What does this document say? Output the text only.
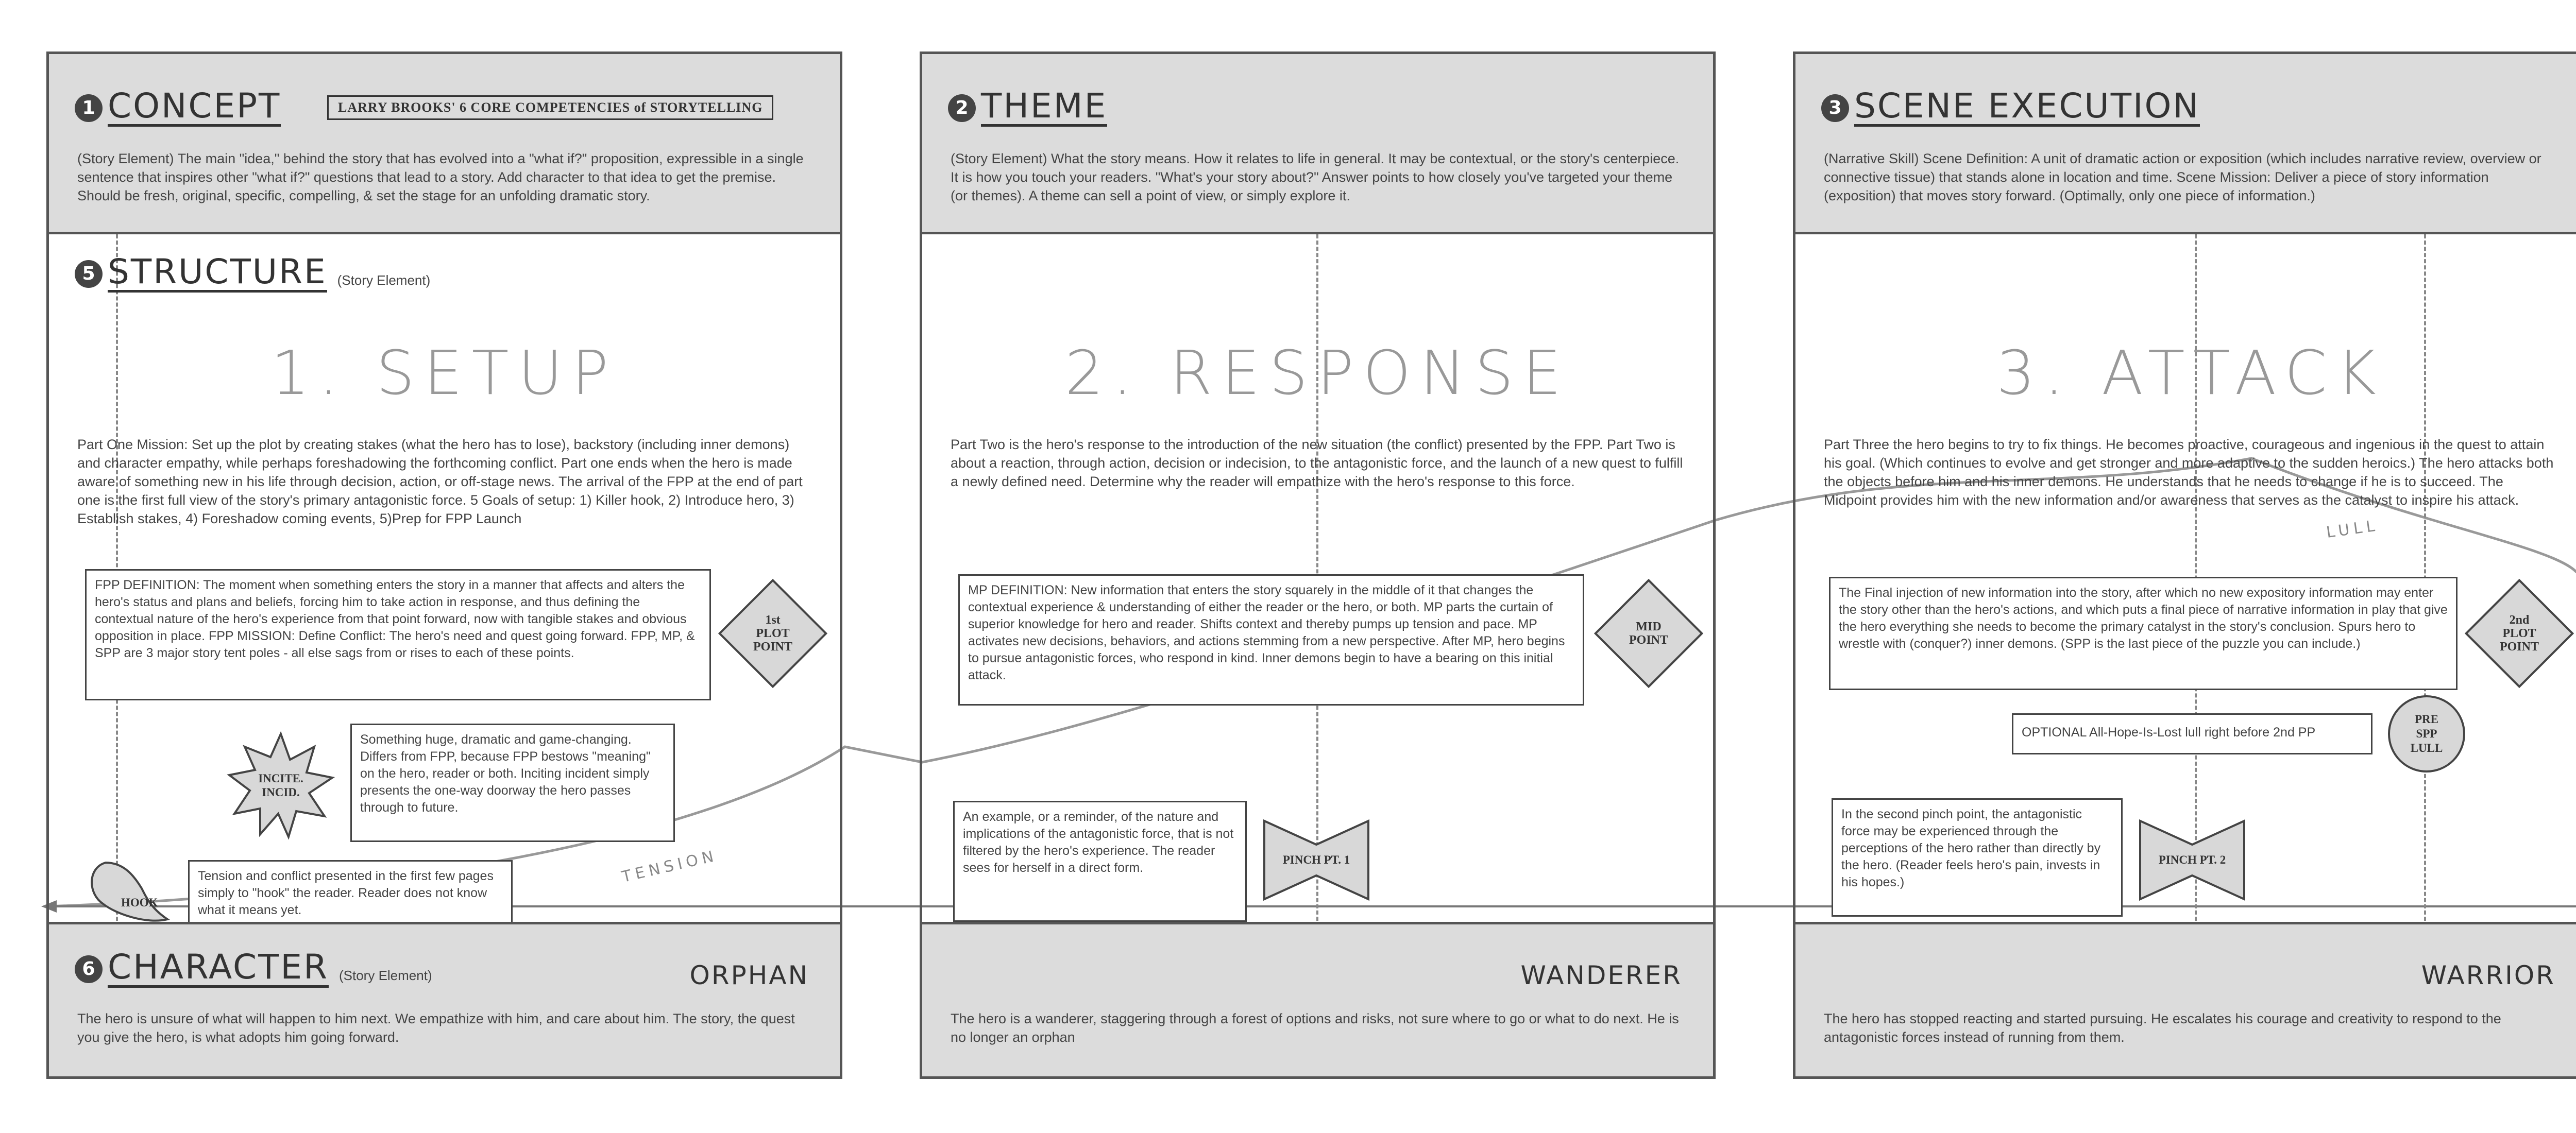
1 CONCEPT	LARRY BROOKS' 6 CORE COMPETENCIES of STORYTELLING
(Story Element) The main "idea," behind the story that has evolved into a "what if?" proposition, expressible in a single sentence that inspires other "what if?" questions that lead to a story. Add character to that idea to get the premise. Should be fresh, original, specific, compelling, & set the stage for an unfolding dramatic story.
5 STRUCTURE (Story Element)
1. SETUP
Part One Mission: Set up the plot by creating stakes (what the hero has to lose), backstory (including inner demons) and character empathy, while perhaps foreshadowing the forthcoming conflict. Part one ends when the hero is made aware of something new in his life through decision, action, or off-stage news. The arrival of the FPP at the end of part one is the first full view of the story's primary antagonistic force. 5 Goals of setup: 1) Killer hook, 2) Introduce hero, 3) Establish stakes, 4) Foreshadow coming events, 5)Prep for FPP Launch
FPP DEFINITION: The moment when something enters the story in a manner that affects and alters the hero's status and plans and beliefs, forcing him to take action in response, and thus defining the contextual nature of the hero's experience from that point forward, now with tangible stakes and obvious opposition in place. FPP MISSION: Define Conflict: The hero's need and quest going forward. FPP, MP, & SPP are 3 major story tent poles - all else sags from or rises to each of these points.
1st
PLOT
POINT
INCITE.
INCID.
Something huge, dramatic and game-changing. Differs from FPP, because FPP bestows "meaning" on the hero, reader or both. Inciting incident simply presents the one-way doorway the hero passes through to future.
HOOK
Tension and conflict presented in the first few pages simply to "hook" the reader. Reader does not know what it means yet.
TENSION
6 CHARACTER (Story Element)	ORPHAN
The hero is unsure of what will happen to him next. We empathize with him, and care about him. The story, the quest you give the hero, is what adopts him going forward.
2 THEME
(Story Element) What the story means. How it relates to life in general. It may be contextual, or the story's centerpiece. It is how you touch your readers. "What's your story about?" Answer points to how closely you've targeted your theme (or themes). A theme can sell a point of view, or simply explore it.
2. RESPONSE
Part Two is the hero's response to the introduction of the new situation (the conflict) presented by the FPP. Part Two is about a reaction, through action, decision or indecision, to the antagonistic force, and the launch of a new quest to fulfill a newly defined need. Determine why the reader will empathize with the hero's response to this force.
MP DEFINITION: New information that enters the story squarely in the middle of it that changes the contextual experience & understanding of either the reader or the hero, or both. MP parts the curtain of superior knowledge for hero and reader. Shifts context and thereby pumps up tension and pace. MP activates new decisions, behaviors, and actions stemming from a new perspective. After MP, hero begins to pursue antagonistic forces, who respond in kind. Inner demons begin to have a bearing on this initial attack.
MID
POINT
An example, or a reminder, of the nature and implications of the antagonistic force, that is not filtered by the hero's experience. The reader sees for herself in a direct form.
PINCH PT. 1
WANDERER
The hero is a wanderer, staggering through a forest of options and risks, not sure where to go or what to do next. He is no longer an orphan
3 SCENE EXECUTION
(Narrative Skill) Scene Definition: A unit of dramatic action or exposition (which includes narrative review, overview or connective tissue) that stands alone in location and time. Scene Mission: Deliver a piece of story information (exposition) that moves story forward. (Optimally, only one piece of information.)
3. ATTACK
Part Three the hero begins to try to fix things. He becomes proactive, courageous and ingenious in the quest to attain his goal. (Which continues to evolve and get stronger and more adaptive to the sudden heroics.) The hero attacks both the objects before him and his inner demons. He understands that he needs to change if he is to succeed. The Midpoint provides him with the new information and/or awareness that serves as the catalyst to inspire his attack.
LULL
The Final injection of new information into the story, after which no new expository information may enter the story other than the hero's actions, and which puts a final piece of narrative information in play that give the hero everything she needs to become the primary catalyst in the story's conclusion. Spurs hero to wrestle with (conquer?) inner demons. (SPP is the last piece of the puzzle you can include.)
2nd
PLOT
POINT
OPTIONAL All-Hope-Is-Lost lull right before 2nd PP
PRE
SPP
LULL
In the second pinch point, the antagonistic force may be experienced through the perceptions of the hero rather than directly by the hero. (Reader feels hero's pain, invests in his hopes.)
PINCH PT. 2
WARRIOR
The hero has stopped reacting and started pursuing. He escalates his courage and creativity to respond to the antagonistic forces instead of running from them.
